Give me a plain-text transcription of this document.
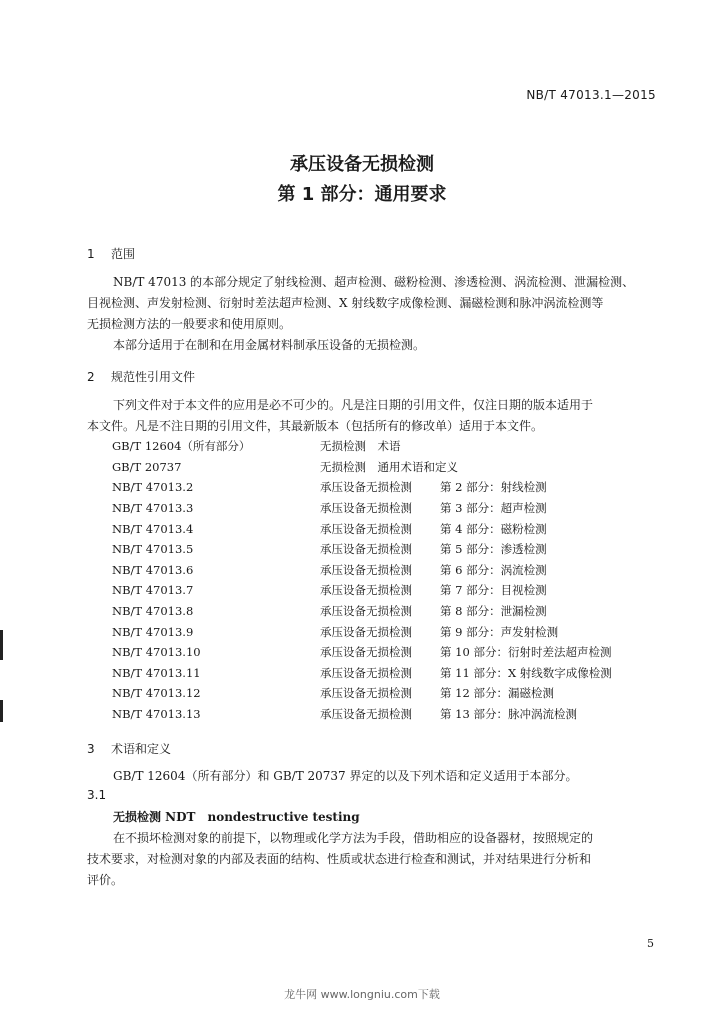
NB/T 47013.1—2015
承压设备无损检测
第 1 部分：通用要求
1 范围
NB/T 47013 的本部分规定了射线检测、超声检测、磁粉检测、渗透检测、涡流检测、泄漏检测、
目视检测、声发射检测、衍射时差法超声检测、X 射线数字成像检测、漏磁检测和脉冲涡流检测等
无损检测方法的一般要求和使用原则。
本部分适用于在制和在用金属材料制承压设备的无损检测。
2 规范性引用文件
下列文件对于本文件的应用是必不可少的。凡是注日期的引用文件，仅注日期的版本适用于
本文件。凡是不注日期的引用文件，其最新版本（包括所有的修改单）适用于本文件。
GB/T 12604（所有部分）	无损检测　术语
GB/T 20737	无损检测　通用术语和定义
NB/T 47013.2	承压设备无损检测	第 2 部分：射线检测
NB/T 47013.3	承压设备无损检测	第 3 部分：超声检测
NB/T 47013.4	承压设备无损检测	第 4 部分：磁粉检测
NB/T 47013.5	承压设备无损检测	第 5 部分：渗透检测
NB/T 47013.6	承压设备无损检测	第 6 部分：涡流检测
NB/T 47013.7	承压设备无损检测	第 7 部分：目视检测
NB/T 47013.8	承压设备无损检测	第 8 部分：泄漏检测
NB/T 47013.9	承压设备无损检测	第 9 部分：声发射检测
NB/T 47013.10	承压设备无损检测	第 10 部分：衍射时差法超声检测
NB/T 47013.11	承压设备无损检测	第 11 部分：X 射线数字成像检测
NB/T 47013.12	承压设备无损检测	第 12 部分：漏磁检测
NB/T 47013.13	承压设备无损检测	第 13 部分：脉冲涡流检测
3 术语和定义
GB/T 12604（所有部分）和 GB/T 20737 界定的以及下列术语和定义适用于本部分。
3.1
无损检测 NDT　nondestructive testing
在不损坏检测对象的前提下，以物理或化学方法为手段，借助相应的设备器材，按照规定的
技术要求，对检测对象的内部及表面的结构、性质或状态进行检查和测试，并对结果进行分析和
评价。
5
龙牛网 www.longniu.com下载
